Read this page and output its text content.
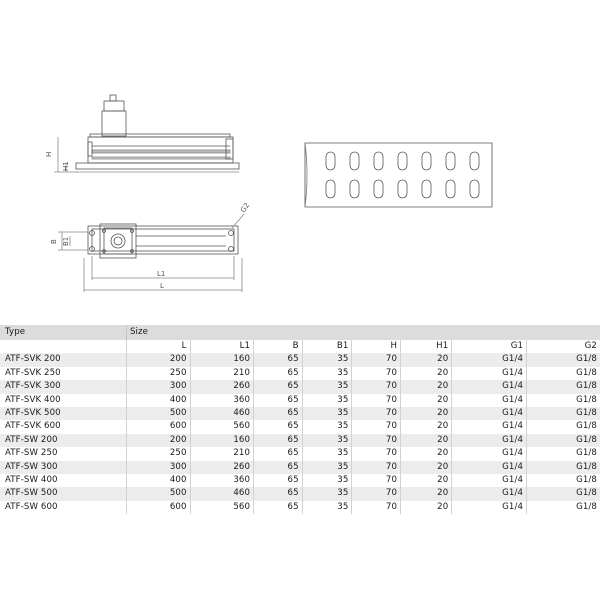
H
H1
G2
B B1
L1
L
Type	Size							
	L	L1	B	B1	H	H1	G1	G2
ATF-SVK 200	200	160	65	35	70	20	G1/4	G1/8
ATF-SVK 250	250	210	65	35	70	20	G1/4	G1/8
ATF-SVK 300	300	260	65	35	70	20	G1/4	G1/8
ATF-SVK 400	400	360	65	35	70	20	G1/4	G1/8
ATF-SVK 500	500	460	65	35	70	20	G1/4	G1/8
ATF-SVK 600	600	560	65	35	70	20	G1/4	G1/8
ATF-SW 200	200	160	65	35	70	20	G1/4	G1/8
ATF-SW 250	250	210	65	35	70	20	G1/4	G1/8
ATF-SW 300	300	260	65	35	70	20	G1/4	G1/8
ATF-SW 400	400	360	65	35	70	20	G1/4	G1/8
ATF-SW 500	500	460	65	35	70	20	G1/4	G1/8
ATF-SW 600	600	560	65	35	70	20	G1/4	G1/8
